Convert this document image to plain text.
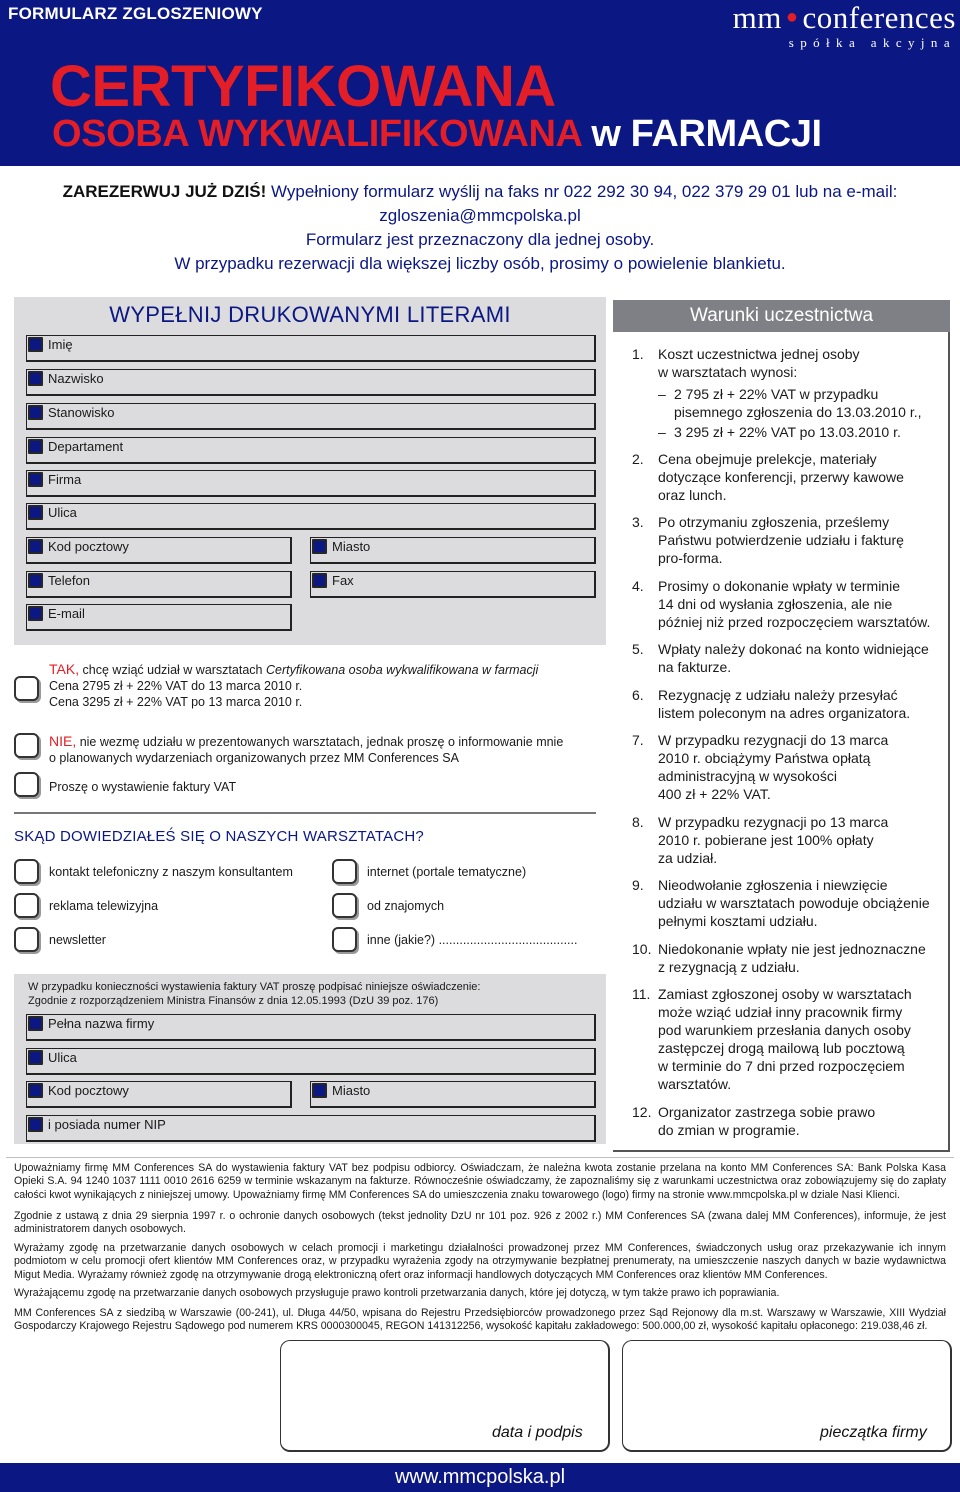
FORMULARZ ZGLOSZENIOWY	mm ● conferences
spółka akcyjna
CERTYFIKOWANA
OSOBA WYKWALIFIKOWANA w FARMACJI
ZAREZERWUJ JUŻ DZIŚ! Wypełniony formularz wyślij na faks nr 022 292 30 94, 022 379 29 01 lub na e-mail:
zgloszenia@mmcpolska.pl
Formularz jest przeznaczony dla jednej osoby.
W przypadku rezerwacji dla większej liczby osób, prosimy o powielenie blankietu.
WYPEŁNIJ DRUKOWANYMI LITERAMI
Imię
Nazwisko
Stanowisko
Departament
Firma
Ulica
Kod pocztowy	Miasto
Telefon	Fax
E-mail
TAK, chcę wziąć udział w warsztatach Certyfikowana osoba wykwalifikowana w farmacji
Cena 2795 zł + 22% VAT do 13 marca 2010 r.
Cena 3295 zł + 22% VAT po 13 marca 2010 r.
NIE, nie wezmę udziału w prezentowanych warsztatach, jednak proszę o informowanie mnie
o planowanych wydarzeniach organizowanych przez MM Conferences SA
Proszę o wystawienie faktury VAT
SKĄD DOWIEDZIAŁEŚ SIĘ O NASZYCH WARSZTATACH?
kontakt telefoniczny z naszym konsultantem	internet (portale tematyczne)
reklama telewizyjna	od znajomych
newsletter	inne (jakie?) ........................................
W przypadku konieczności wystawienia faktury VAT proszę podpisać niniejsze oświadczenie:
Zgodnie z rozporządzeniem Ministra Finansów z dnia 12.05.1993 (DzU 39 poz. 176)
Pełna nazwa firmy
Ulica
Kod pocztowy	Miasto
i posiada numer NIP
Warunki uczestnictwa
1. Koszt uczestnictwa jednej osoby
w warsztatach wynosi:
– 2 795 zł + 22% VAT w przypadku
pisemnego zgłoszenia do 13.03.2010 r.,
– 3 295 zł + 22% VAT po 13.03.2010 r.
2. Cena obejmuje prelekcje, materiały
dotyczące konferencji, przerwy kawowe
oraz lunch.
3. Po otrzymaniu zgłoszenia, prześlemy
Państwu potwierdzenie udziału i fakturę
pro-forma.
4. Prosimy o dokonanie wpłaty w terminie
14 dni od wysłania zgłoszenia, ale nie
później niż przed rozpoczęciem warsztatów.
5. Wpłaty należy dokonać na konto widniejące
na fakturze.
6. Rezygnację z udziału należy przesyłać
listem poleconym na adres organizatora.
7. W przypadku rezygnacji do 13 marca
2010 r. obciążymy Państwa opłatą
administracyjną w wysokości
400 zł + 22% VAT.
8. W przypadku rezygnacji po 13 marca
2010 r. pobierane jest 100% opłaty
za udział.
9. Nieodwołanie zgłoszenia i niewzięcie
udziału w warsztatach powoduje obciążenie
pełnymi kosztami udziału.
10. Niedokonanie wpłaty nie jest jednoznaczne
z rezygnacją z udziału.
11. Zamiast zgłoszonej osoby w warsztatach
może wziąć udział inny pracownik firmy
pod warunkiem przesłania danych osoby
zastępczej drogą mailową lub pocztową
w terminie do 7 dni przed rozpoczęciem
warsztatów.
12. Organizator zastrzega sobie prawo
do zmian w programie.
Upoważniamy firmę MM Conferences SA do wystawienia faktury VAT bez podpisu odbiorcy. Oświadczam, że należna kwota zostanie przelana na konto MM Conferences SA: Bank Polska Kasa Opieki S.A. 94 1240 1037 1111 0010 2616 6259 w terminie wskazanym na fakturze. Równocześnie oświadczamy, że zapoznaliśmy się z warunkami uczestnictwa oraz zobowiązujemy się do zapłaty całości kwot wynikających z niniejszej umowy. Upoważniamy firmę MM Conferences SA do umieszczenia znaku towarowego (logo) firmy na stronie www.mmcpolska.pl w dziale Nasi Klienci.
Zgodnie z ustawą z dnia 29 sierpnia 1997 r. o ochronie danych osobowych (tekst jednolity DzU nr 101 poz. 926 z 2002 r.) MM Conferences SA (zwana dalej MM Conferences), informuje, że jest administratorem danych osobowych.
Wyrażamy zgodę na przetwarzanie danych osobowych w celach promocji i marketingu działalności prowadzonej przez MM Conferences, świadczonych usług oraz przekazywanie ich innym podmiotom w celu promocji ofert klientów MM Conferences oraz, w przypadku wyrażenia zgody na otrzymywanie bezpłatnej prenumeraty, na umieszczenie naszych danych w bazie wydawnictwa Migut Media. Wyrażamy również zgodę na otrzymywanie drogą elektroniczną ofert oraz informacji handlowych dotyczących MM Conferences oraz klientów MM Conferences.
Wyrażającemu zgodę na przetwarzanie danych osobowych przysługuje prawo kontroli przetwarzania danych, które jej dotyczą, w tym także prawo ich poprawiania.
MM Conferences SA z siedzibą w Warszawie (00-241), ul. Długa 44/50, wpisana do Rejestru Przedsiębiorców prowadzonego przez Sąd Rejonowy dla m.st. Warszawy w Warszawie, XIII Wydział Gospodarczy Krajowego Rejestru Sądowego pod numerem KRS 0000300045, REGON 141312256, wysokość kapitału zakładowego: 500.000,00 zł, wysokość kapitału opłaconego: 219.038,46 zł.
data i podpis	pieczątka firmy
www.mmcpolska.pl
